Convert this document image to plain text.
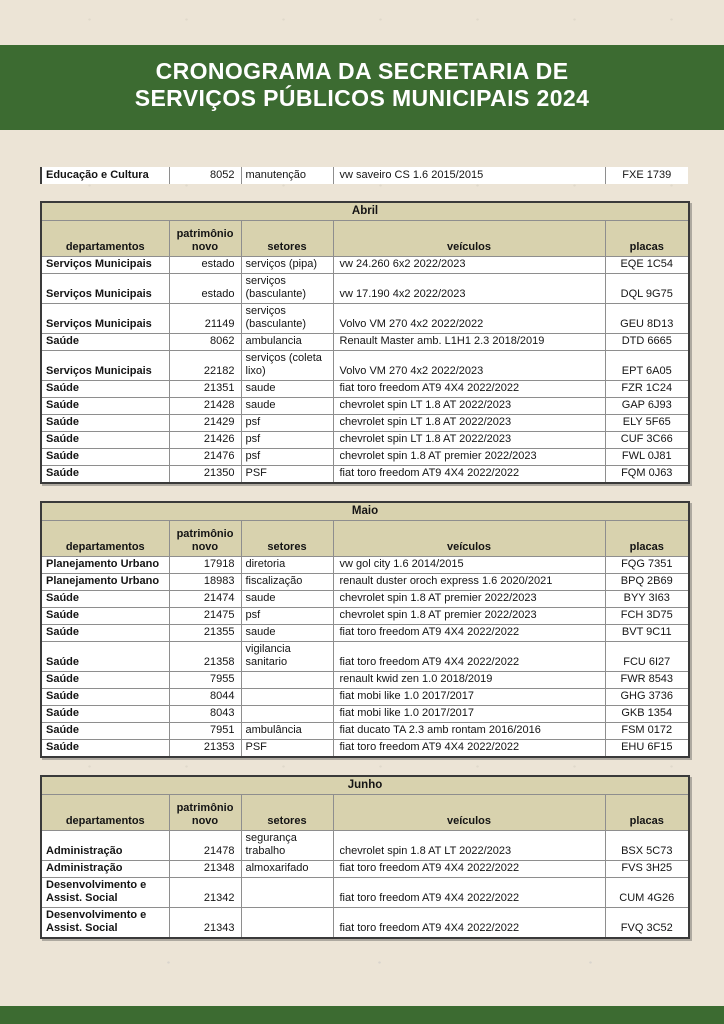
CRONOGRAMA DA SECRETARIA DE
SERVIÇOS PÚBLICOS MUNICIPAIS 2024
Educação e Cultura	8052	manutenção	vw saveiro CS 1.6 2015/2015	FXE 1739
Abril				
departamentos	patrimônio novo	setores	veículos	placas
Serviços Municipais	estado	serviços (pipa)	vw 24.260 6x2 2022/2023	EQE 1C54
Serviços Municipais	estado	serviços (basculante)	vw 17.190 4x2 2022/2023	DQL 9G75
Serviços Municipais	21149	serviços (basculante)	Volvo VM 270 4x2 2022/2022	GEU 8D13
Saúde	8062	ambulancia	Renault Master amb. L1H1 2.3 2018/2019	DTD 6665
Serviços Municipais	22182	serviços (coleta lixo)	Volvo VM 270 4x2 2022/2023	EPT 6A05
Saúde	21351	saude	fiat toro freedom AT9 4X4 2022/2022	FZR 1C24
Saúde	21428	saude	chevrolet spin LT 1.8 AT 2022/2023	GAP 6J93
Saúde	21429	psf	chevrolet spin LT 1.8 AT 2022/2023	ELY 5F65
Saúde	21426	psf	chevrolet spin LT 1.8 AT 2022/2023	CUF 3C66
Saúde	21476	psf	chevrolet spin 1.8 AT premier 2022/2023	FWL 0J81
Saúde	21350	PSF	fiat toro freedom AT9 4X4 2022/2022	FQM 0J63
Maio				
departamentos	patrimônio novo	setores	veículos	placas
Planejamento Urbano	17918	diretoria	vw gol city 1.6 2014/2015	FQG 7351
Planejamento Urbano	18983	fiscalização	renault duster oroch express 1.6 2020/2021	BPQ 2B69
Saúde	21474	saude	chevrolet spin 1.8 AT premier 2022/2023	BYY 3I63
Saúde	21475	psf	chevrolet spin 1.8 AT premier 2022/2023	FCH 3D75
Saúde	21355	saude	fiat toro freedom AT9 4X4 2022/2022	BVT 9C11
Saúde	21358	vigilancia sanitario	fiat toro freedom AT9 4X4 2022/2022	FCU 6I27
Saúde	7955		renault kwid zen 1.0 2018/2019	FWR 8543
Saúde	8044		fiat mobi like 1.0 2017/2017	GHG 3736
Saúde	8043		fiat mobi like 1.0 2017/2017	GKB 1354
Saúde	7951	ambulância	fiat ducato TA 2.3 amb rontam 2016/2016	FSM 0172
Saúde	21353	PSF	fiat toro freedom AT9 4X4 2022/2022	EHU 6F15
Junho				
departamentos	patrimônio novo	setores	veículos	placas
Administração	21478	segurança trabalho	chevrolet spin 1.8 AT LT 2022/2023	BSX 5C73
Administração	21348	almoxarifado	fiat toro freedom AT9 4X4 2022/2022	FVS 3H25
Desenvolvimento e Assist. Social	21342		fiat toro freedom AT9 4X4 2022/2022	CUM 4G26
Desenvolvimento e Assist. Social	21343		fiat toro freedom AT9 4X4 2022/2022	FVQ 3C52
